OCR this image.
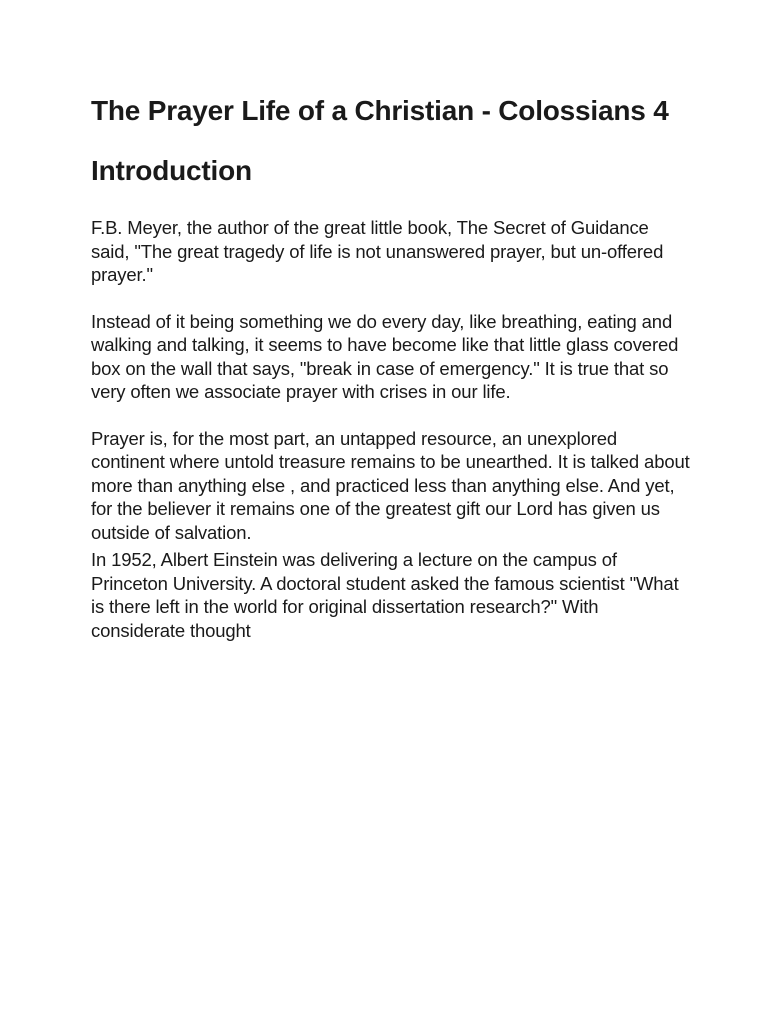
The Prayer Life of a Christian - Colossians 4
Introduction

F.B. Meyer, the author of the great little book, The Secret of Guidance said, "The great tragedy of life is not unanswered prayer, but un-offered prayer."

Instead of it being something we do every day, like breathing, eating and walking and talking, it seems to have become like that little glass covered box on the wall that says, "break in case of emergency." It is true that so very often we associate prayer with crises in our life.

Prayer is, for the most part, an untapped resource, an unexplored continent where untold treasure remains to be unearthed. It is talked about more than anything else , and practiced less than anything else. And yet, for the believer it remains one of the greatest gift our Lord has given us outside of salvation.

In 1952, Albert Einstein was delivering a lecture on the campus of Princeton University. A doctoral student asked the famous scientist "What is there left in the world for original dissertation research?" With considerate thought
